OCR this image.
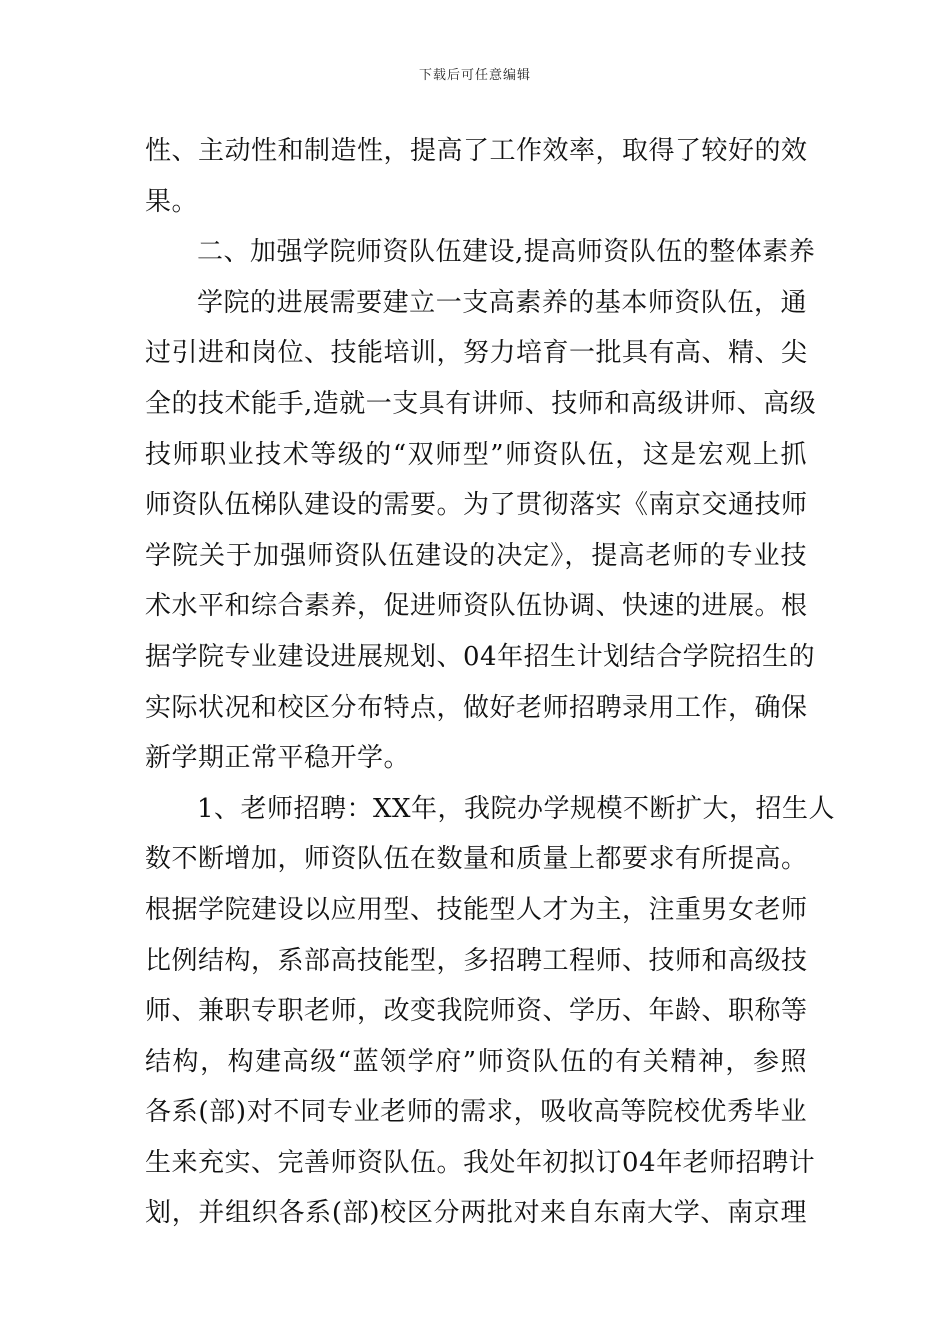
下载后可任意编辑
性、主动性和制造性，提高了工作效率，取得了较好的效
果。
二、加强学院师资队伍建设,提高师资队伍的整体素养
学院的进展需要建立一支高素养的基本师资队伍，通
过引进和岗位、技能培训，努力培育一批具有高、精、尖
全的技术能手,造就一支具有讲师、技师和高级讲师、高级
技师职业技术等级的“双师型”师资队伍，这是宏观上抓
师资队伍梯队建设的需要。为了贯彻落实《南京交通技师
学院关于加强师资队伍建设的决定》，提高老师的专业技
术水平和综合素养，促进师资队伍协调、快速的进展。根
据学院专业建设进展规划、04年招生计划结合学院招生的
实际状况和校区分布特点，做好老师招聘录用工作，确保
新学期正常平稳开学。
1、老师招聘：XX年，我院办学规模不断扩大，招生人
数不断增加，师资队伍在数量和质量上都要求有所提高。
根据学院建设以应用型、技能型人才为主，注重男女老师
比例结构，系部高技能型，多招聘工程师、技师和高级技
师、兼职专职老师，改变我院师资、学历、年龄、职称等
结构，构建高级“蓝领学府”师资队伍的有关精神，参照
各系(部)对不同专业老师的需求，吸收高等院校优秀毕业
生来充实、完善师资队伍。我处年初拟订04年老师招聘计
划，并组织各系(部)校区分两批对来自东南大学、南京理
